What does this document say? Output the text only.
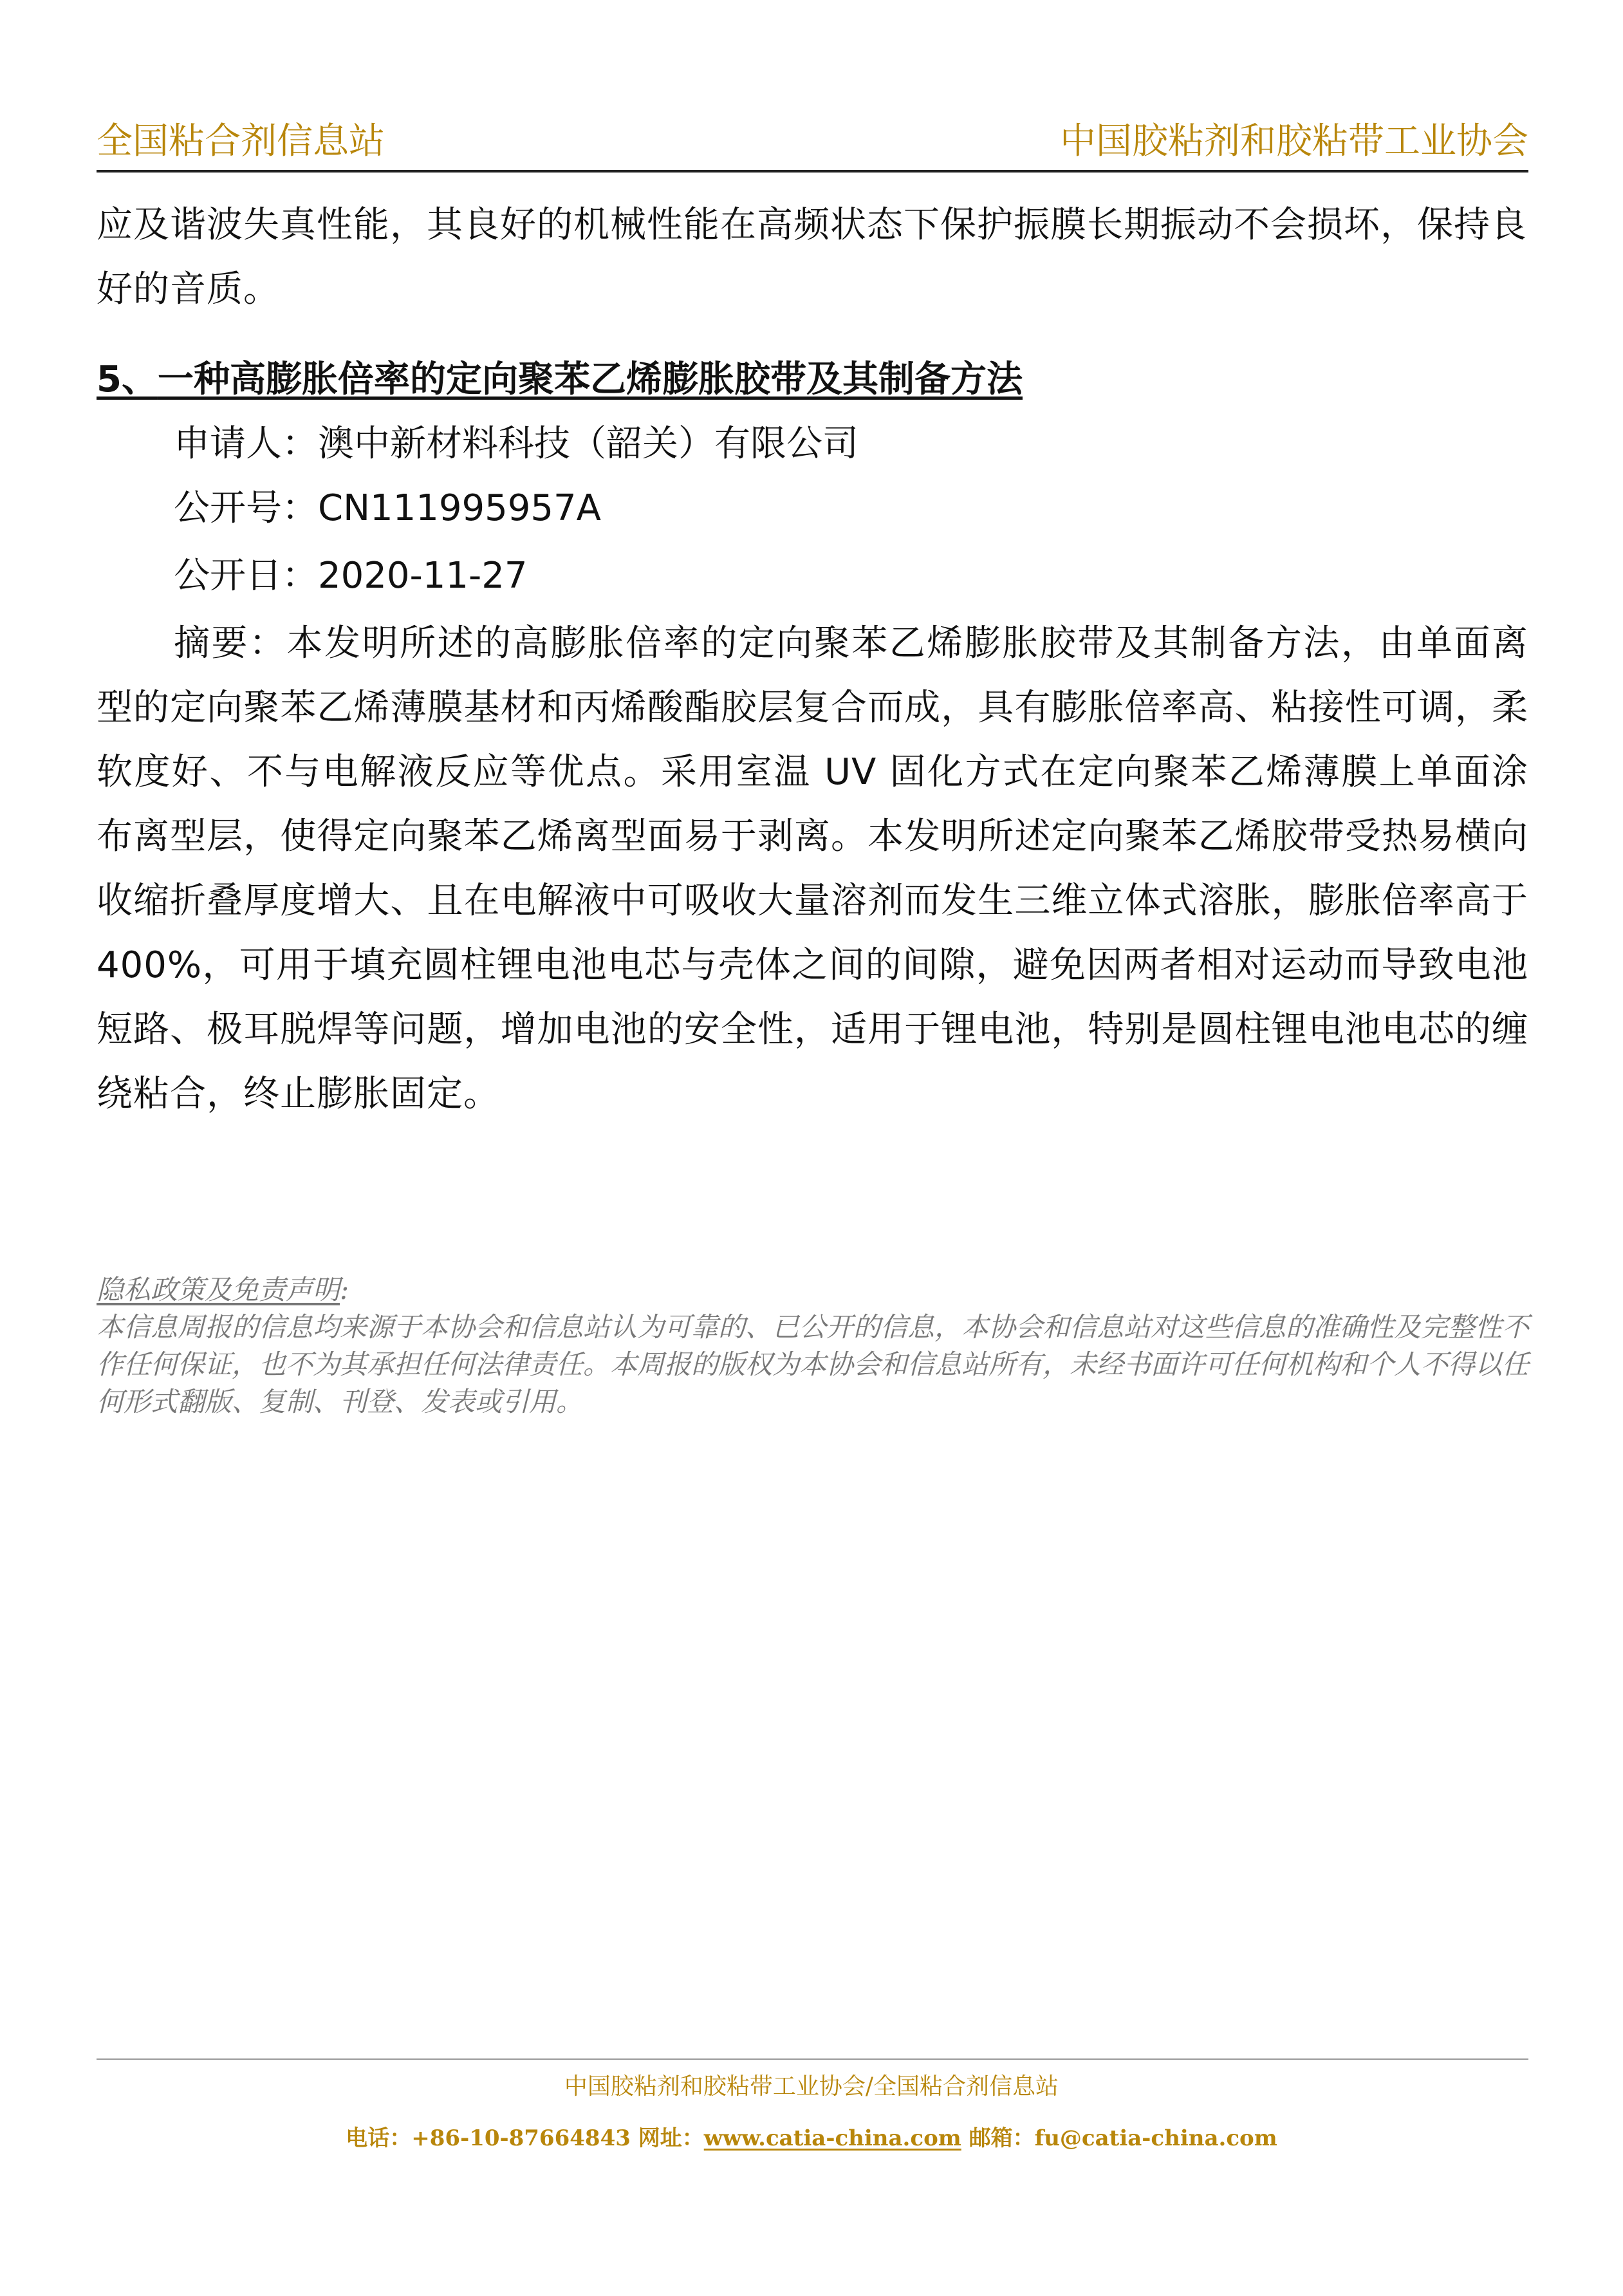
全国粘合剂信息站	中国胶粘剂和胶粘带工业协会
应及谐波失真性能，其良好的机械性能在高频状态下保护振膜长期振动不会损坏，保持良好的音质。
5、一种高膨胀倍率的定向聚苯乙烯膨胀胶带及其制备方法
申请人：澳中新材料科技（韶关）有限公司
公开号：CN111995957A
公开日：2020-11-27
摘要：本发明所述的高膨胀倍率的定向聚苯乙烯膨胀胶带及其制备方法，由单面离型的定向聚苯乙烯薄膜基材和丙烯酸酯胶层复合而成，具有膨胀倍率高、粘接性可调，柔软度好、不与电解液反应等优点。采用室温 UV 固化方式在定向聚苯乙烯薄膜上单面涂布离型层，使得定向聚苯乙烯离型面易于剥离。本发明所述定向聚苯乙烯胶带受热易横向收缩折叠厚度增大、且在电解液中可吸收大量溶剂而发生三维立体式溶胀，膨胀倍率高于 400%，可用于填充圆柱锂电池电芯与壳体之间的间隙，避免因两者相对运动而导致电池短路、极耳脱焊等问题，增加电池的安全性，适用于锂电池，特别是圆柱锂电池电芯的缠绕粘合，终止膨胀固定。
隐私政策及免责声明:
本信息周报的信息均来源于本协会和信息站认为可靠的、已公开的信息，本协会和信息站对这些信息的准确性及完整性不作任何保证，也不为其承担任何法律责任。本周报的版权为本协会和信息站所有，未经书面许可任何机构和个人不得以任何形式翻版、复制、刊登、发表或引用。
中国胶粘剂和胶粘带工业协会/全国粘合剂信息站
电话：+86-10-87664843 网址：www.catia-china.com 邮箱：fu@catia-china.com
